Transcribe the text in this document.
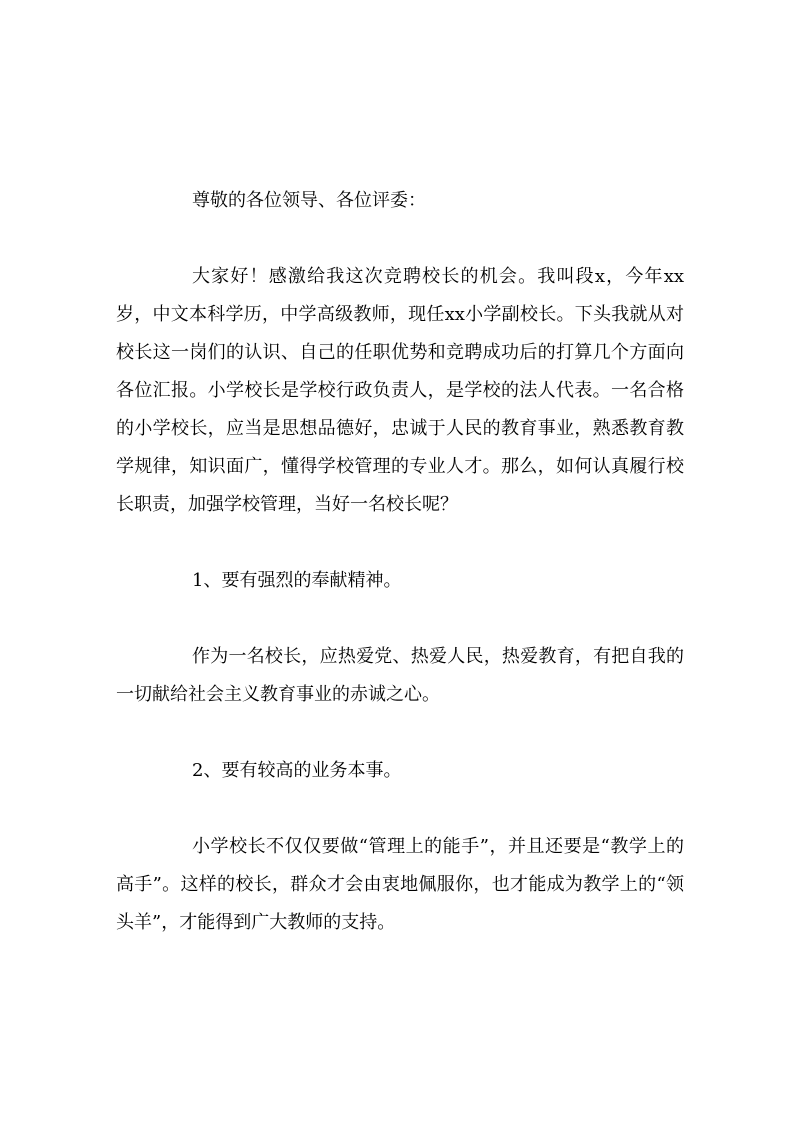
尊敬的各位领导、各位评委：

大家好！感激给我这次竞聘校长的机会。我叫段x，今年xx岁，中文本科学历，中学高级教师，现任xx小学副校长。下头我就从对校长这一岗们的认识、自己的任职优势和竞聘成功后的打算几个方面向各位汇报。小学校长是学校行政负责人，是学校的法人代表。一名合格的小学校长，应当是思想品德好，忠诚于人民的教育事业，熟悉教育教学规律，知识面广，懂得学校管理的专业人才。那么，如何认真履行校长职责，加强学校管理，当好一名校长呢？

1、要有强烈的奉献精神。

作为一名校长，应热爱党、热爱人民，热爱教育，有把自我的一切献给社会主义教育事业的赤诚之心。

2、要有较高的业务本事。

小学校长不仅仅要做“管理上的能手”，并且还要是“教学上的高手”。这样的校长，群众才会由衷地佩服你，也才能成为教学上的“领头羊”，才能得到广大教师的支持。
